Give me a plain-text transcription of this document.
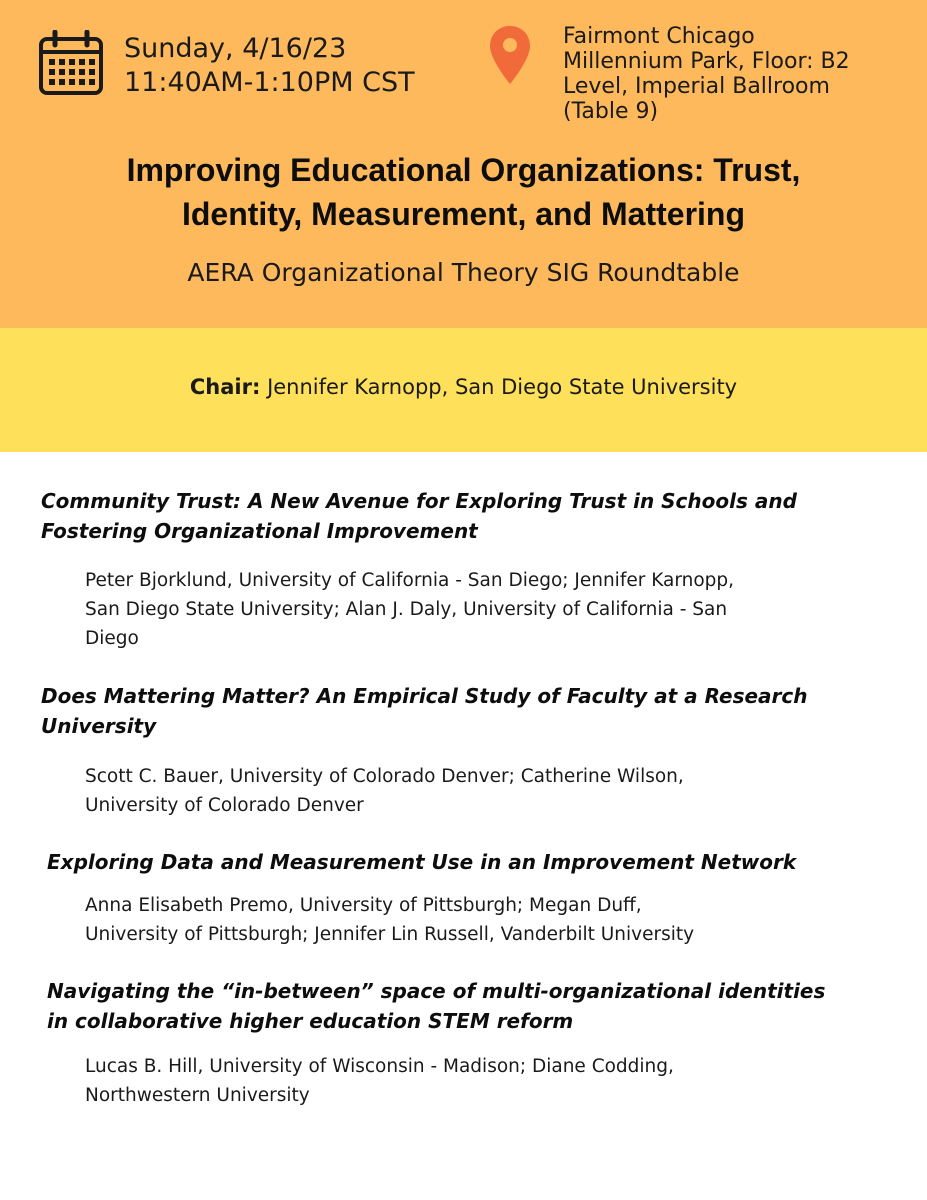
Sunday, 4/16/23
11:40AM-1:10PM CST
Fairmont Chicago
Millennium Park, Floor: B2
Level, Imperial Ballroom
(Table 9)
Improving Educational Organizations: Trust,
Identity, Measurement, and Mattering
AERA Organizational Theory SIG Roundtable
Chair: Jennifer Karnopp, San Diego State University
Community Trust: A New Avenue for Exploring Trust in Schools and
Fostering Organizational Improvement
Peter Bjorklund, University of California - San Diego; Jennifer Karnopp,
San Diego State University; Alan J. Daly, University of California - San
Diego
Does Mattering Matter? An Empirical Study of Faculty at a Research
University
Scott C. Bauer, University of Colorado Denver; Catherine Wilson,
University of Colorado Denver
Exploring Data and Measurement Use in an Improvement Network
Anna Elisabeth Premo, University of Pittsburgh; Megan Duff,
University of Pittsburgh; Jennifer Lin Russell, Vanderbilt University
Navigating the “in-between” space of multi-organizational identities
in collaborative higher education STEM reform
Lucas B. Hill, University of Wisconsin - Madison; Diane Codding,
Northwestern University
